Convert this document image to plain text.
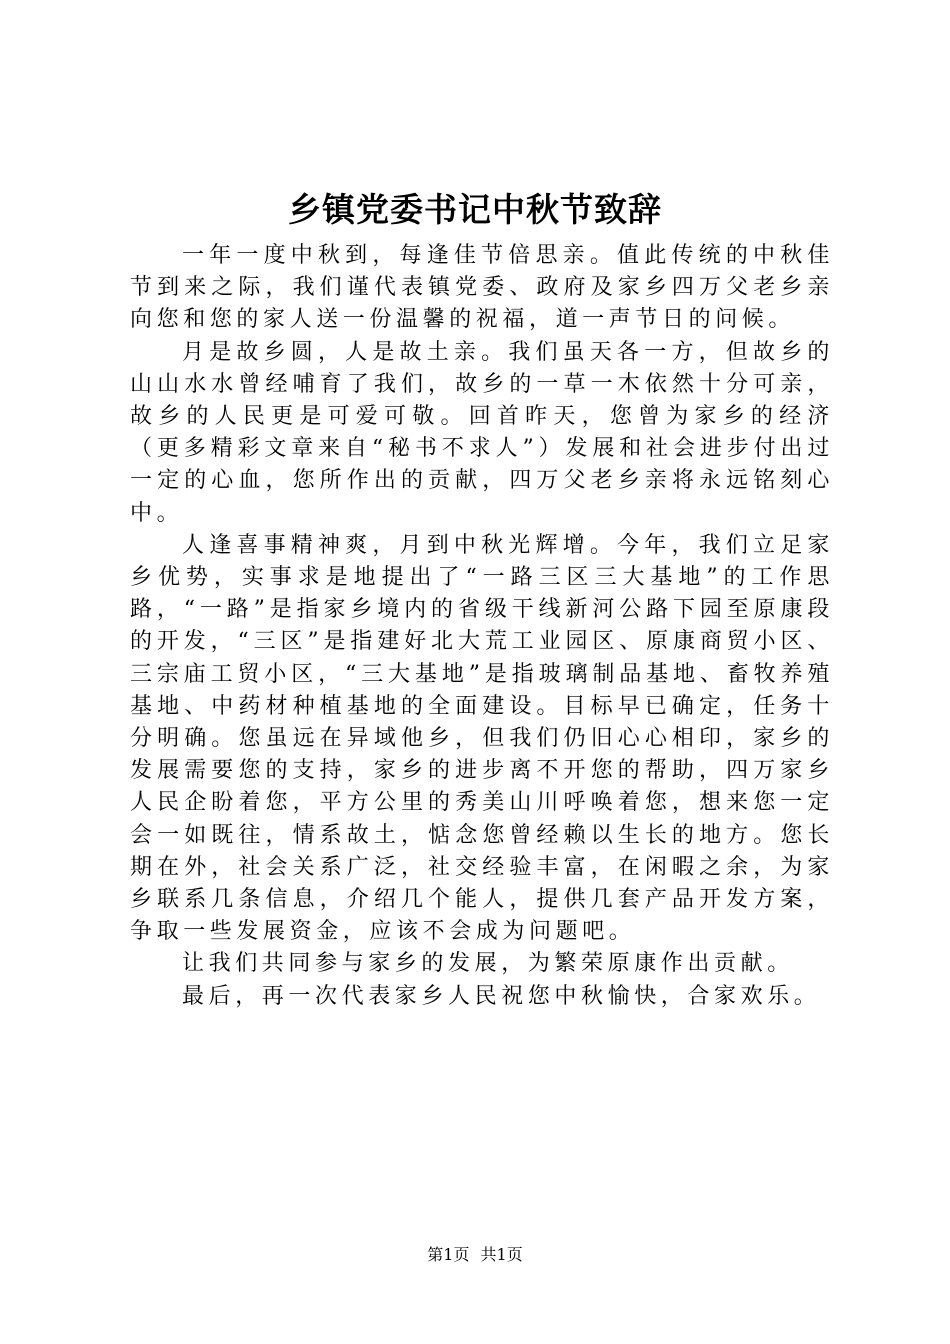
乡镇党委书记中秋节致辞

一年一度中秋到，每逢佳节倍思亲。值此传统的中秋佳节到来之际，我们谨代表镇党委、政府及家乡四万父老乡亲向您和您的家人送一份温馨的祝福，道一声节日的问候。

月是故乡圆，人是故土亲。我们虽天各一方，但故乡的山山水水曾经哺育了我们，故乡的一草一木依然十分可亲，故乡的人民更是可爱可敬。回首昨天，您曾为家乡的经济（更多精彩文章来自“秘书不求人”）发展和社会进步付出过一定的心血，您所作出的贡献，四万父老乡亲将永远铭刻心中。

人逢喜事精神爽，月到中秋光辉增。今年，我们立足家乡优势，实事求是地提出了“一路三区三大基地”的工作思路，“一路”是指家乡境内的省级干线新河公路下园至原康段的开发，“三区”是指建好北大荒工业园区、原康商贸小区、三宗庙工贸小区，“三大基地”是指玻璃制品基地、畜牧养殖基地、中药材种植基地的全面建设。目标早已确定，任务十分明确。您虽远在异域他乡，但我们仍旧心心相印，家乡的发展需要您的支持，家乡的进步离不开您的帮助，四万家乡人民企盼着您，平方公里的秀美山川呼唤着您，想来您一定会一如既往，情系故土，惦念您曾经赖以生长的地方。您长期在外，社会关系广泛，社交经验丰富，在闲暇之余，为家乡联系几条信息，介绍几个能人，提供几套产品开发方案，争取一些发展资金，应该不会成为问题吧。

让我们共同参与家乡的发展，为繁荣原康作出贡献。

最后，再一次代表家乡人民祝您中秋愉快，合家欢乐。

第1页 共1页
